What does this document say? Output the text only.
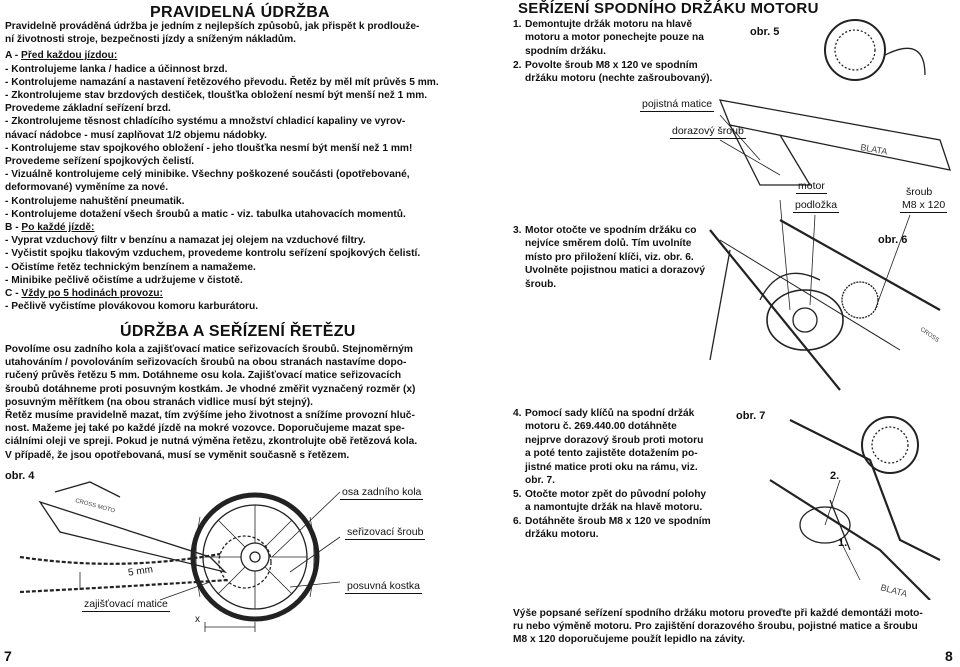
PRAVIDELNÁ ÚDRŽBA

Pravidelně prováděná údržba je jedním z nejlepších způsobů, jak přispět k prodlouže-

ní životnosti stroje, bezpečnosti jízdy a sníženým nákladům.

A - Před každou jízdou:

- Kontrolujeme lanka / hadice a účinnost brzd.

- Kontrolujeme namazání a nastavení řetězového převodu. Řetěz by měl mít průvěs 5 mm.

- Zkontrolujeme stav brzdových destiček, tloušťka obložení nesmí být menší než 1 mm.

Provedeme základní seřízení brzd.

- Zkontrolujeme těsnost chladícího systému a množství chladicí kapaliny ve vyrov-

návací nádobce - musí zaplňovat 1/2 objemu nádobky.

- Kontrolujeme stav spojkového obložení - jeho tloušťka nesmí být menší než 1 mm!

Provedeme seřízení spojkových čelistí.

- Vizuálně kontrolujeme celý minibike. Všechny poškozené součásti (opotřebované,

deformované) vyměníme za nové.

- Kontrolujeme nahuštění pneumatik.

- Kontrolujeme dotažení všech šroubů a matic - viz. tabulka utahovacích momentů.

B - Po každé jízdě:

- Vyprat vzduchový filtr v benzínu a namazat jej olejem na vzduchové filtry.

- Vyčistit spojku tlakovým vzduchem, provedeme kontrolu seřízení spojkových čelistí.

- Očistíme řetěz technickým benzínem a namažeme.

- Minibike pečlivě očistíme a udržujeme v čistotě.

C - Vždy po 5 hodinách provozu:

- Pečlivě vyčistíme plovákovou komoru karburátoru.

ÚDRŽBA A SEŘÍZENÍ ŘETĚZU

Povolíme osu zadního kola a zajišťovací matice seřizovacích šroubů. Stejnoměrným

utahováním / povolováním seřizovacích šroubů na obou stranách nastavíme dopo-

ručený průvěs řetězu 5 mm. Dotáhneme osu kola. Zajišťovací matice seřizovacích

šroubů dotáhneme proti posuvným kostkám. Je vhodné změřit vyznačený rozměr (x)

posuvným měřítkem (na obou stranách vidlice musí být stejný).

Řetěz musíme pravidelně mazat, tím zvýšíme jeho životnost a snížíme provozní hluč-

nost. Mažeme jej také po každé jízdě na mokré vozovce. Doporučujeme mazat spe-

ciálními oleji ve spreji. Pokud je nutná výměna řetězu, zkontrolujte obě řetězová kola.

V případě, že jsou opotřebovaná, musí se vyměnit současně s řetězem.

CROSS MOTO
obr. 4
osa zadního kola
seřizovací šroub
posuvná kostka
zajišťovací matice
5 mm
x
7
SEŘÍZENÍ SPODNÍHO DRŽÁKU MOTORU
1. Demontujte držák motoru na hlavě
motoru a motor ponechejte pouze na
spodním držáku.
2. Povolte šroub M8 x 120 ve spodním
držáku motoru (nechte zašroubovaný).
BLATA
CROSS
obr. 5
pojistná matice
dorazový šroub
motor
podložka
šroub
M8 x 120
obr. 6
3. Motor otočte ve spodním držáku co
nejvíce směrem dolů. Tím uvolníte
místo pro přiložení klíči, viz. obr. 6.
Uvolněte pojistnou matici a dorazový
šroub.
BLATA
obr. 7
2.
1.
4. Pomocí sady klíčů na spodní držák
motoru č. 269.440.00 dotáhněte
nejprve dorazový šroub proti motoru
a poté tento zajistěte dotažením po-
jistné matice proti oku na rámu, viz.
obr. 7.
5. Otočte motor zpět do původní polohy
a namontujte držák na hlavě motoru.
6. Dotáhněte šroub M8 x 120 ve spodním
držáku motoru.

Výše popsané seřízení spodního držáku motoru proveďte při každé demontáži moto-

ru nebo výměně motoru. Pro zajištění dorazového šroubu, pojistné matice a šroubu

M8 x 120 doporučujeme použít lepidlo na závity.

8
